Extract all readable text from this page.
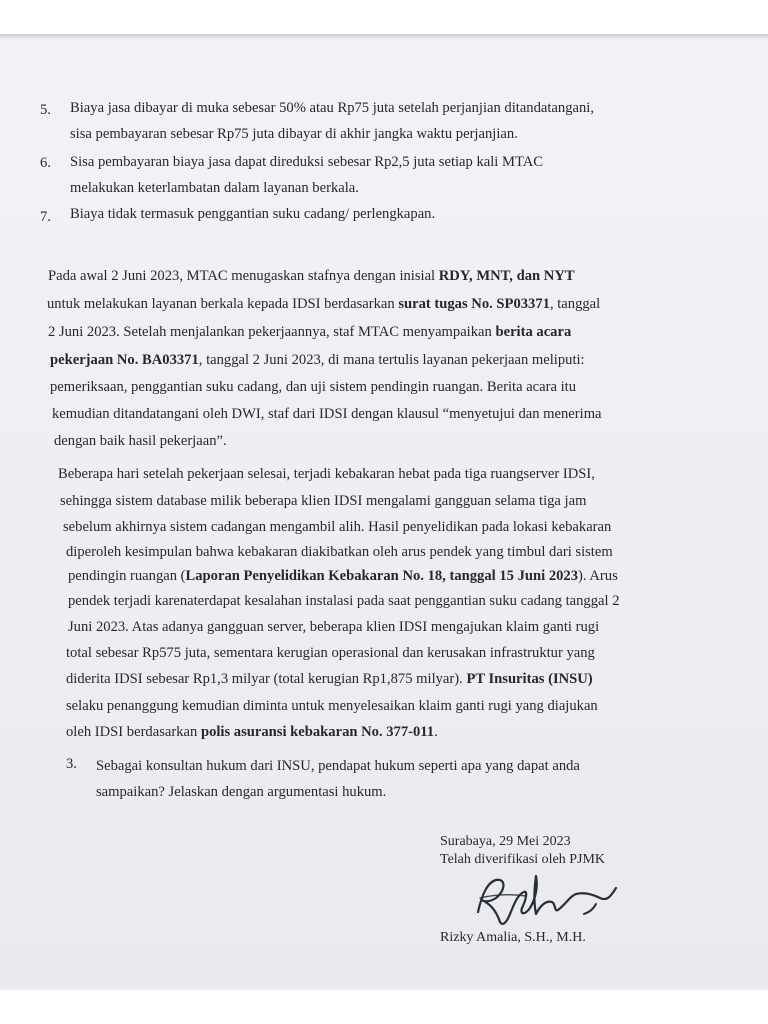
5. Biaya jasa dibayar di muka sebesar 50% atau Rp75 juta setelah perjanjian ditandatangani,
sisa pembayaran sebesar Rp75 juta dibayar di akhir jangka waktu perjanjian.
6. Sisa pembayaran biaya jasa dapat direduksi sebesar Rp2,5 juta setiap kali MTAC
melakukan keterlambatan dalam layanan berkala.
7. Biaya tidak termasuk penggantian suku cadang/ perlengkapan.
Pada awal 2 Juni 2023, MTAC menugaskan stafnya dengan inisial RDY, MNT, dan NYT
untuk melakukan layanan berkala kepada IDSI berdasarkan surat tugas No. SP03371, tanggal
2 Juni 2023. Setelah menjalankan pekerjaannya, staf MTAC menyampaikan berita acara
pekerjaan No. BA03371, tanggal 2 Juni 2023, di mana tertulis layanan pekerjaan meliputi:
pemeriksaan, penggantian suku cadang, dan uji sistem pendingin ruangan. Berita acara itu
kemudian ditandatangani oleh DWI, staf dari IDSI dengan klausul “menyetujui dan menerima
dengan baik hasil pekerjaan”.
Beberapa hari setelah pekerjaan selesai, terjadi kebakaran hebat pada tiga ruangserver IDSI,
sehingga sistem database milik beberapa klien IDSI mengalami gangguan selama tiga jam
sebelum akhirnya sistem cadangan mengambil alih. Hasil penyelidikan pada lokasi kebakaran
diperoleh kesimpulan bahwa kebakaran diakibatkan oleh arus pendek yang timbul dari sistem
pendingin ruangan (Laporan Penyelidikan Kebakaran No. 18, tanggal 15 Juni 2023). Arus
pendek terjadi karenaterdapat kesalahan instalasi pada saat penggantian suku cadang tanggal 2
Juni 2023. Atas adanya gangguan server, beberapa klien IDSI mengajukan klaim ganti rugi
total sebesar Rp575 juta, sementara kerugian operasional dan kerusakan infrastruktur yang
diderita IDSI sebesar Rp1,3 milyar (total kerugian Rp1,875 milyar). PT Insuritas (INSU)
selaku penanggung kemudian diminta untuk menyelesaikan klaim ganti rugi yang diajukan
oleh IDSI berdasarkan polis asuransi kebakaran No. 377-011.
3. Sebagai konsultan hukum dari INSU, pendapat hukum seperti apa yang dapat anda
sampaikan? Jelaskan dengan argumentasi hukum.
Surabaya, 29 Mei 2023
Telah diverifikasi oleh PJMK
Rizky Amalia, S.H., M.H.
